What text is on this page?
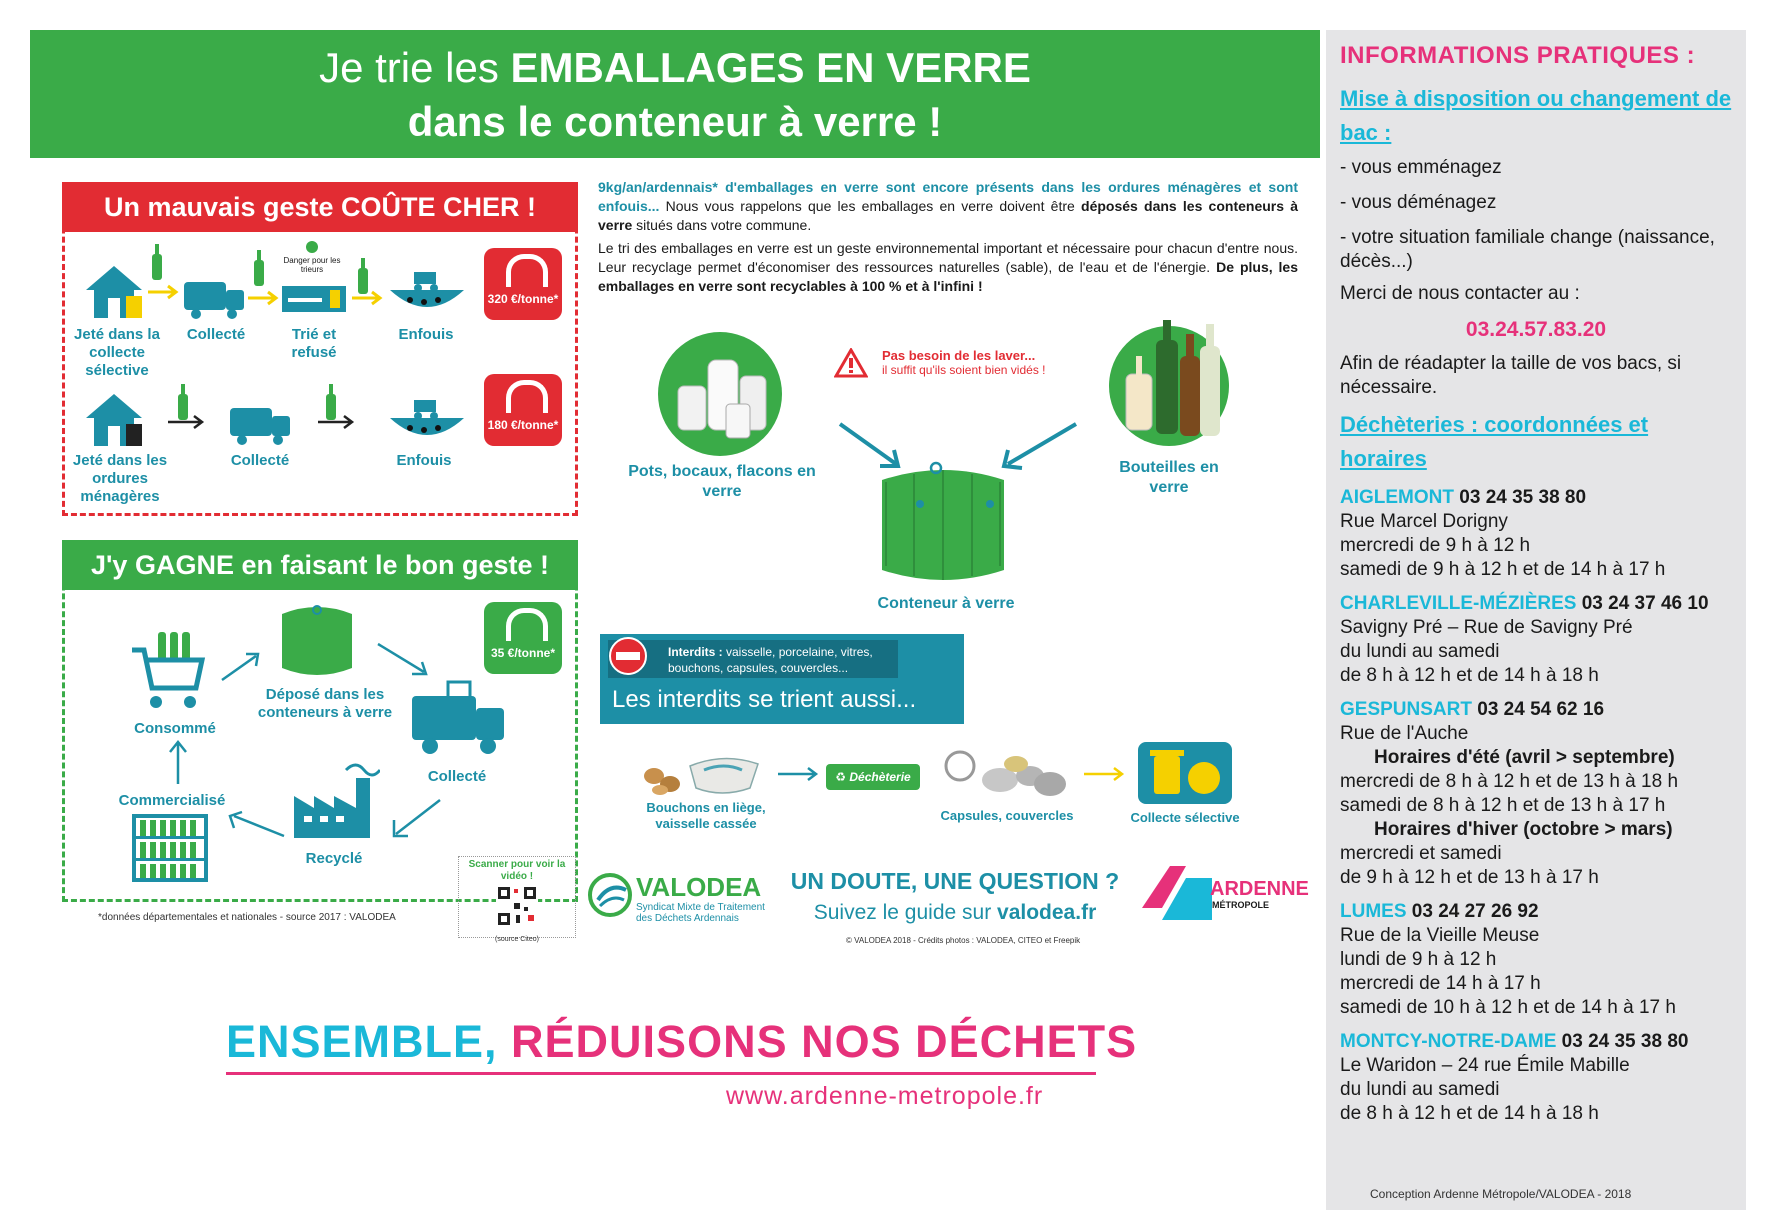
Je trie les EMBALLAGES EN VERRE
dans le conteneur à verre !
Un mauvais geste COÛTE CHER !
Danger pour les trieurs
320 €/tonne*
Jeté dans la collecte sélective
Collecté	Trié et refusé
Enfouis
180 €/tonne*
Jeté dans les ordures ménagères
Collecté	Enfouis
J'y GAGNE en faisant le bon geste !
35 €/tonne*
Déposé dans les conteneurs à verre
Collecté
Recyclé
Commercialisé
Consommé
*données départementales et nationales - source 2017 : VALODEA
Scanner pour voir la vidéo !
(source Citeo)

9kg/an/ardennais* d'emballages en verre sont encore présents dans les ordures ménagères et sont enfouis... Nous vous rappelons que les emballages en verre doivent être déposés dans les conteneurs à verre situés dans votre commune.

Le tri des emballages en verre est un geste environnemental important et nécessaire pour chacun d'entre nous. Leur recyclage permet d'économiser des ressources naturelles (sable), de l'eau et de l'énergie. De plus, les emballages en verre sont recyclables à 100 % et à l'infini !

Pots, bocaux, flacons en verre
Pas besoin de les laver...
il suffit qu'ils soient bien vidés !
Bouteilles en verre
Conteneur à verre
Interdits : vaisselle, porcelaine, vitres, bouchons, capsules, couvercles...
Les interdits se trient aussi...
Bouchons en liège, vaisselle cassée
♻ Déchèterie
Capsules, couvercles	Collecte sélective
VALODEA
Syndicat Mixte de Traitement des Déchets Ardennais
UN DOUTE, UNE QUESTION ?
Suivez le guide sur valodea.fr
© VALODEA 2018 - Crédits photos : VALODEA, CITEO et Freepik
ARDENNE
MÉTROPOLE
ENSEMBLE, RÉDUISONS NOS DÉCHETS
www.ardenne-metropole.fr
INFORMATIONS PRATIQUES :
Mise à disposition ou changement de bac :
- vous emménagez
- vous déménagez
- votre situation familiale change (naissance, décès...)
Merci de nous contacter au :
03.24.57.83.20
Afin de réadapter la taille de vos bacs, si nécessaire.
Déchèteries : coordonnées et horaires
AIGLEMONT 03 24 35 38 80
Rue Marcel Dorigny
mercredi de 9 h à 12 h
samedi de 9 h à 12 h et de 14 h à 17 h
CHARLEVILLE-MÉZIÈRES 03 24 37 46 10
Savigny Pré – Rue de Savigny Pré
du lundi au samedi
de 8 h à 12 h et de 14 h à 18 h
GESPUNSART 03 24 54 62 16
Rue de l'Auche
Horaires d'été (avril > septembre)
mercredi de 8 h à 12 h et de 13 h à 18 h
samedi de 8 h à 12 h et de 13 h à 17 h
Horaires d'hiver (octobre > mars)
mercredi et samedi
de 9 h à 12 h et de 13 h à 17 h
LUMES 03 24 27 26 92
Rue de la Vieille Meuse
lundi de 9 h à 12 h
mercredi de 14 h à 17 h
samedi de 10 h à 12 h et de 14 h à 17 h
MONTCY-NOTRE-DAME 03 24 35 38 80
Le Waridon – 24 rue Émile Mabille
du lundi au samedi
de 8 h à 12 h et de 14 h à 18 h
Conception Ardenne Métropole/VALODEA - 2018
